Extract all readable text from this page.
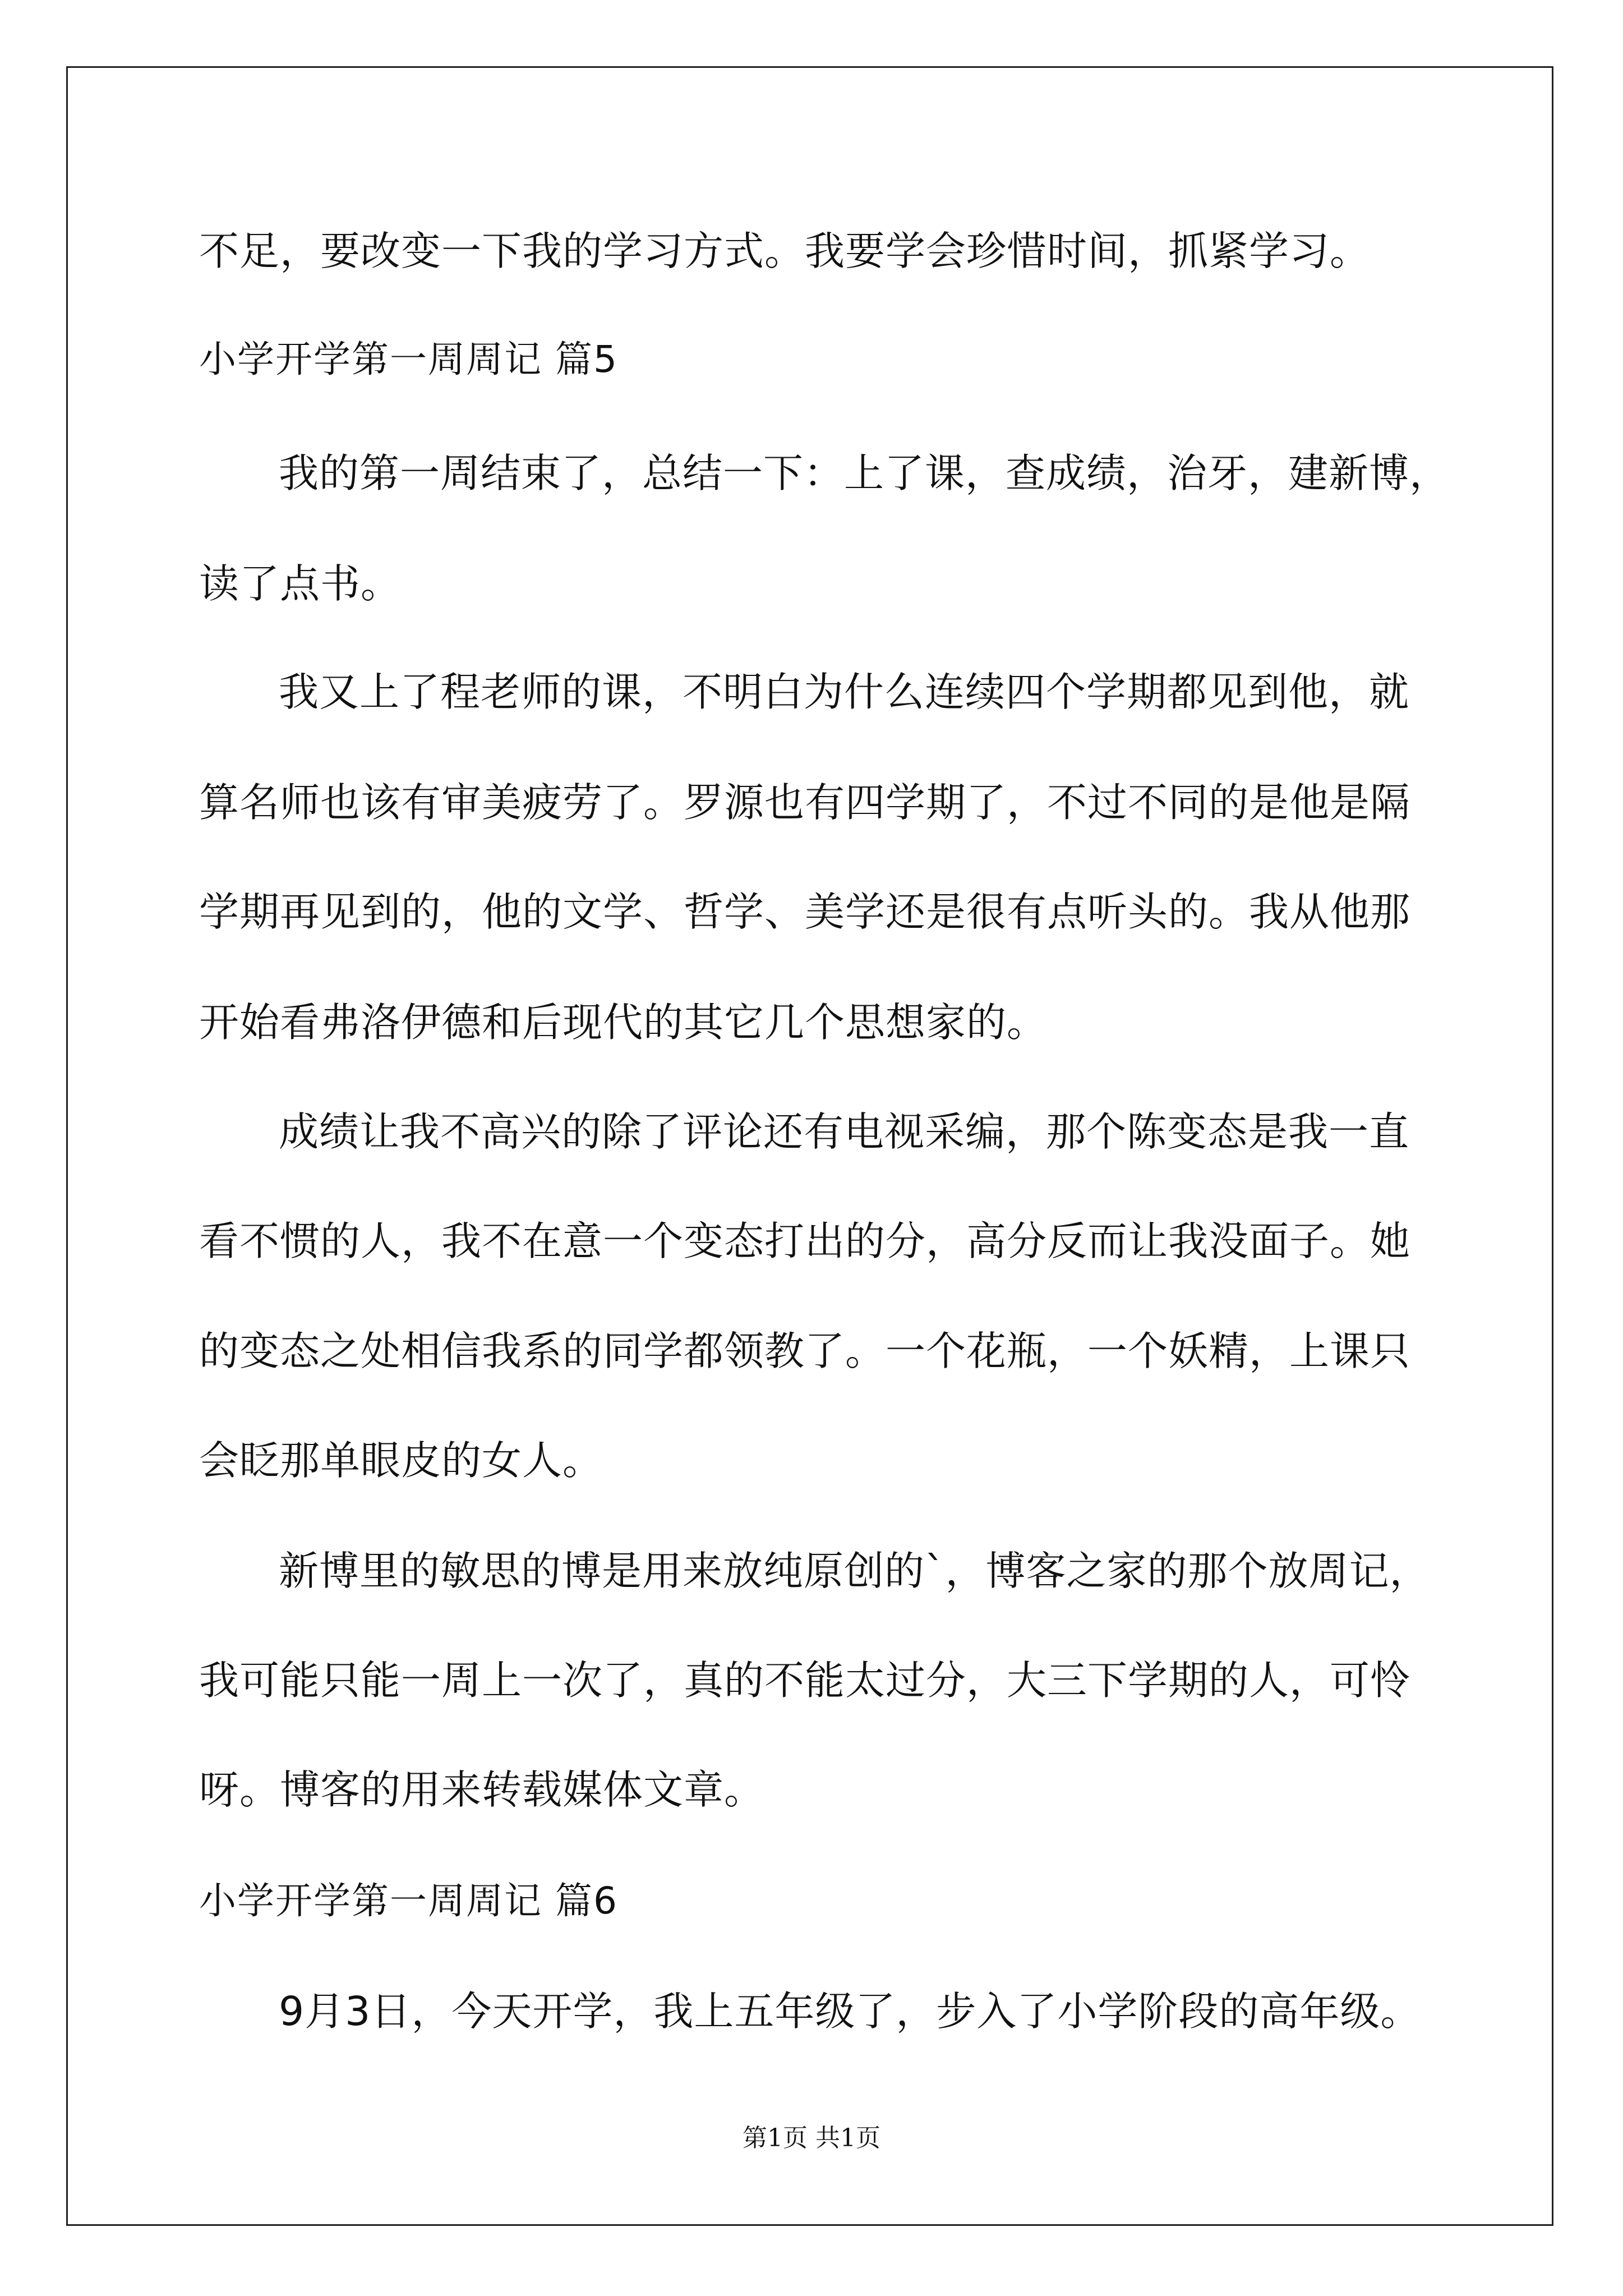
不足，要改变一下我的学习方式。我要学会珍惜时间，抓紧学习。
小学开学第一周周记 篇5
我的第一周结束了，总结一下：上了课，查成绩，治牙，建新博，
读了点书。
我又上了程老师的课，不明白为什么连续四个学期都见到他，就
算名师也该有审美疲劳了。罗源也有四学期了，不过不同的是他是隔
学期再见到的，他的文学、哲学、美学还是很有点听头的。我从他那
开始看弗洛伊德和后现代的其它几个思想家的。
成绩让我不高兴的除了评论还有电视采编，那个陈变态是我一直
看不惯的人，我不在意一个变态打出的分，高分反而让我没面子。她
的变态之处相信我系的同学都领教了。一个花瓶，一个妖精，上课只
会眨那单眼皮的女人。
新博里的敏思的博是用来放纯原创的`，博客之家的那个放周记，
我可能只能一周上一次了，真的不能太过分，大三下学期的人，可怜
呀。博客的用来转载媒体文章。
小学开学第一周周记 篇6
9月3日，今天开学，我上五年级了，步入了小学阶段的高年级。
第1页 共1页
